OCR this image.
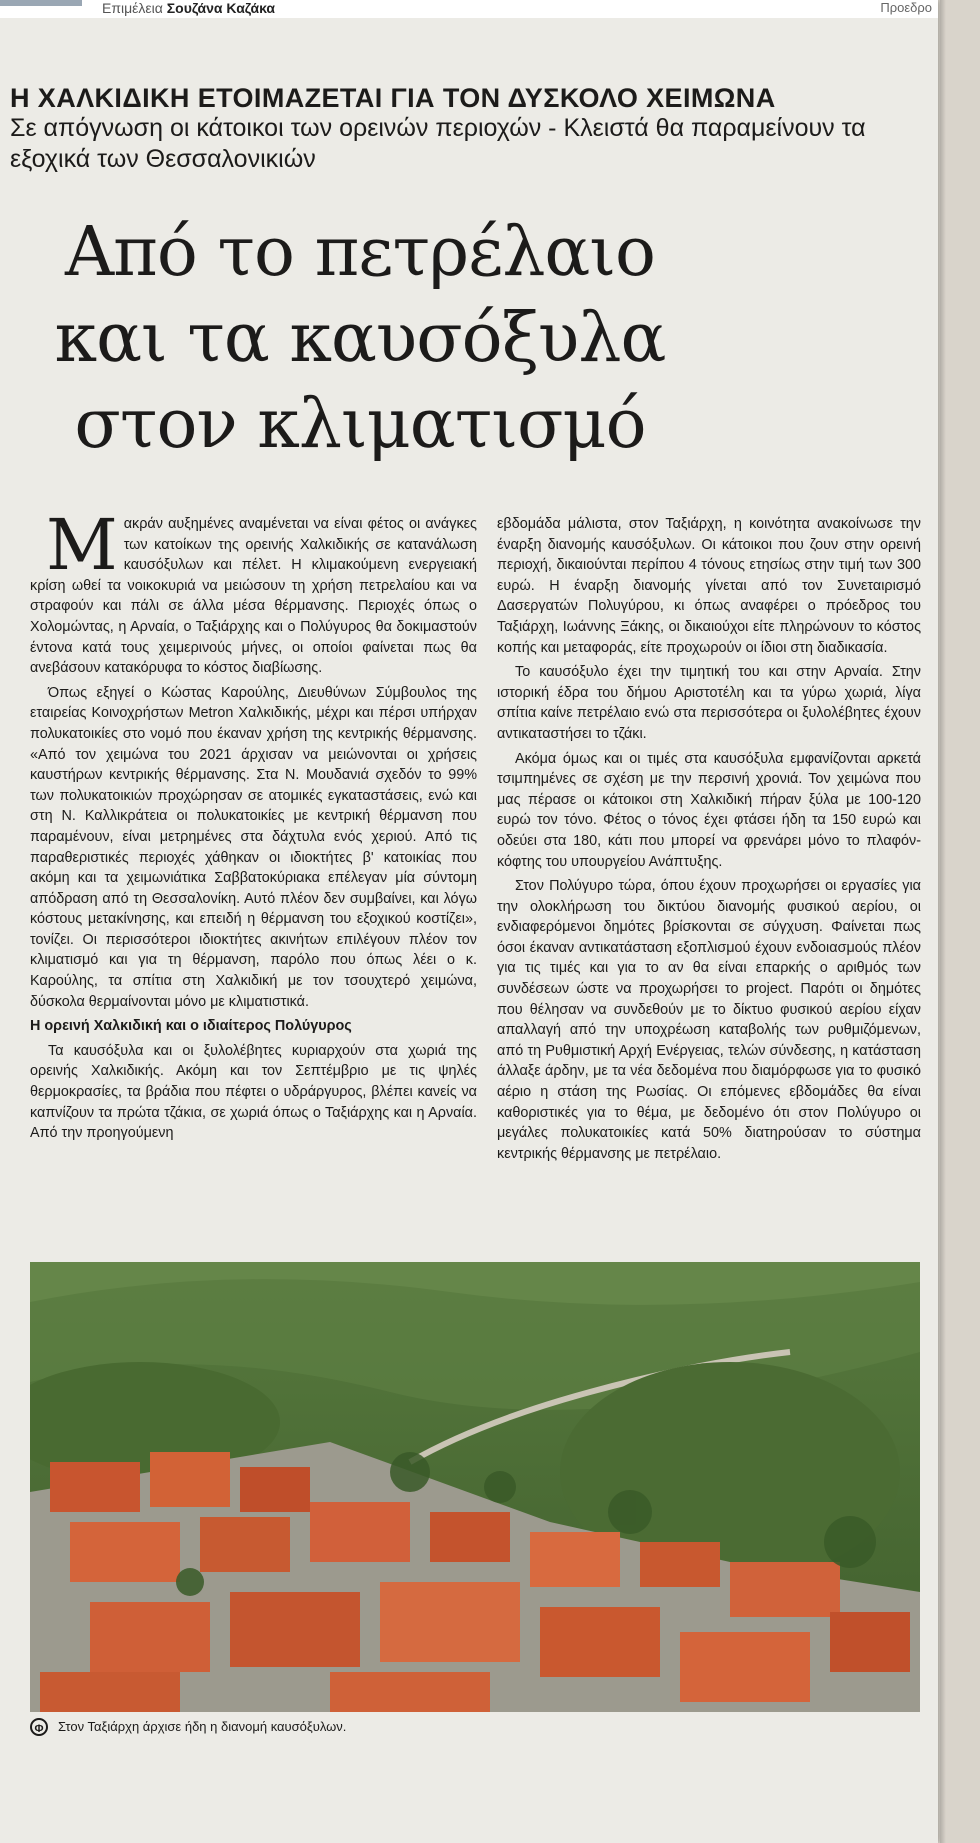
Επιμέλεια Σουζάνα Καζάκα	Προεδρο
Η ΧΑΛΚΙΔΙΚΗ ΕΤΟΙΜΑΖΕΤΑΙ ΓΙΑ ΤΟΝ ΔΥΣΚΟΛΟ ΧΕΙΜΩΝΑ
Σε απόγνωση οι κάτοικοι των ορεινών περιοχών - Κλειστά θα παραμείνουν τα εξοχικά των Θεσσαλονικιών
Από το πετρέλαιο
και τα καυσόξυλα
στον κλιματισμό

Μακράν αυξημένες αναμένεται να είναι φέτος οι ανάγκες των κατοίκων της ορεινής Χαλκιδικής σε κατανάλωση καυσόξυλων και πέλετ. Η κλιμακούμενη ενεργειακή κρίση ωθεί τα νοικοκυριά να μειώσουν τη χρήση πετρελαίου και να στραφούν και πάλι σε άλλα μέσα θέρμανσης. Περιοχές όπως ο Χολομώντας, η Αρναία, ο Ταξιάρχης και ο Πολύγυρος θα δοκιμαστούν έντονα κατά τους χειμερινούς μήνες, οι οποίοι φαίνεται πως θα ανεβάσουν κατακόρυφα το κόστος διαβίωσης.

Όπως εξηγεί ο Κώστας Καρούλης, Διευθύνων Σύμβουλος της εταιρείας Κοινοχρήστων Metron Χαλκιδικής, μέχρι και πέρσι υπήρχαν πολυκατοικίες στο νομό που έκαναν χρήση της κεντρικής θέρμανσης. «Από τον χειμώνα του 2021 άρχισαν να μειώνονται οι χρήσεις καυστήρων κεντρικής θέρμανσης. Στα Ν. Μουδανιά σχεδόν το 99% των πολυκατοικιών προχώρησαν σε ατομικές εγκαταστάσεις, ενώ και στη Ν. Καλλικράτεια οι πολυκατοικίες με κεντρική θέρμανση που παραμένουν, είναι μετρημένες στα δάχτυλα ενός χεριού. Από τις παραθεριστικές περιοχές χάθηκαν οι ιδιοκτήτες β' κατοικίας που ακόμη και τα χειμωνιάτικα Σαββατοκύριακα επέλεγαν μία σύντομη απόδραση από τη Θεσσαλονίκη. Αυτό πλέον δεν συμβαίνει, και λόγω κόστους μετακίνησης, και επειδή η θέρμανση του εξοχικού κοστίζει», τονίζει. Οι περισσότεροι ιδιοκτήτες ακινήτων επιλέγουν πλέον τον κλιματισμό και για τη θέρμανση, παρόλο που όπως λέει ο κ. Καρούλης, τα σπίτια στη Χαλκιδική με τον τσουχτερό χειμώνα, δύσκολα θερμαίνονται μόνο με κλιματιστικά.

Η ορεινή Χαλκιδική και ο ιδιαίτερος Πολύγυρος

Τα καυσόξυλα και οι ξυλολέβητες κυριαρχούν στα χωριά της ορεινής Χαλκιδικής. Ακόμη και τον Σεπτέμβριο με τις ψηλές θερμοκρασίες, τα βράδια που πέφτει ο υδράργυρος, βλέπει κανείς να καπνίζουν τα πρώτα τζάκια, σε χωριά όπως ο Ταξιάρχης και η Αρναία. Από την προηγούμενη

εβδομάδα μάλιστα, στον Ταξιάρχη, η κοινότητα ανακοίνωσε την έναρξη διανομής καυσόξυλων. Οι κάτοικοι που ζουν στην ορεινή περιοχή, δικαιούνται περίπου 4 τόνους ετησίως στην τιμή των 300 ευρώ. Η έναρξη διανομής γίνεται από τον Συνεταιρισμό Δασεργατών Πολυγύρου, κι όπως αναφέρει ο πρόεδρος του Ταξιάρχη, Ιωάννης Ξάκης, οι δικαιούχοι είτε πληρώνουν το κόστος κοπής και μεταφοράς, είτε προχωρούν οι ίδιοι στη διαδικασία.

Το καυσόξυλο έχει την τιμητική του και στην Αρναία. Στην ιστορική έδρα του δήμου Αριστοτέλη και τα γύρω χωριά, λίγα σπίτια καίνε πετρέλαιο ενώ στα περισσότερα οι ξυλολέβητες έχουν αντικαταστήσει το τζάκι.

Ακόμα όμως και οι τιμές στα καυσόξυλα εμφανίζονται αρκετά τσιμπημένες σε σχέση με την περσινή χρονιά. Τον χειμώνα που μας πέρασε οι κάτοικοι στη Χαλκιδική πήραν ξύλα με 100-120 ευρώ τον τόνο. Φέτος ο τόνος έχει φτάσει ήδη τα 150 ευρώ και οδεύει στα 180, κάτι που μπορεί να φρενάρει μόνο το πλαφόν-κόφτης του υπουργείου Ανάπτυξης.

Στον Πολύγυρο τώρα, όπου έχουν προχωρήσει οι εργασίες για την ολοκλήρωση του δικτύου διανομής φυσικού αερίου, οι ενδιαφερόμενοι δημότες βρίσκονται σε σύγχυση. Φαίνεται πως όσοι έκαναν αντικατάσταση εξοπλισμού έχουν ενδοιασμούς πλέον για τις τιμές και για το αν θα είναι επαρκής ο αριθμός των συνδέσεων ώστε να προχωρήσει το project. Παρότι οι δημότες που θέλησαν να συνδεθούν με το δίκτυο φυσικού αερίου είχαν απαλλαγή από την υποχρέωση καταβολής των ρυθμιζόμενων, από τη Ρυθμιστική Αρχή Ενέργειας, τελών σύνδεσης, η κατάσταση άλλαξε άρδην, με τα νέα δεδομένα που διαμόρφωσε για το φυσικό αέριο η στάση της Ρωσίας. Οι επόμενες εβδομάδες θα είναι καθοριστικές για το θέμα, με δεδομένο ότι στον Πολύγυρο οι μεγάλες πολυκατοικίες κατά 50% διατηρούσαν το σύστημα κεντρικής θέρμανσης με πετρέλαιο.

Φ	Στον Ταξιάρχη άρχισε ήδη η διανομή καυσόξυλων.
